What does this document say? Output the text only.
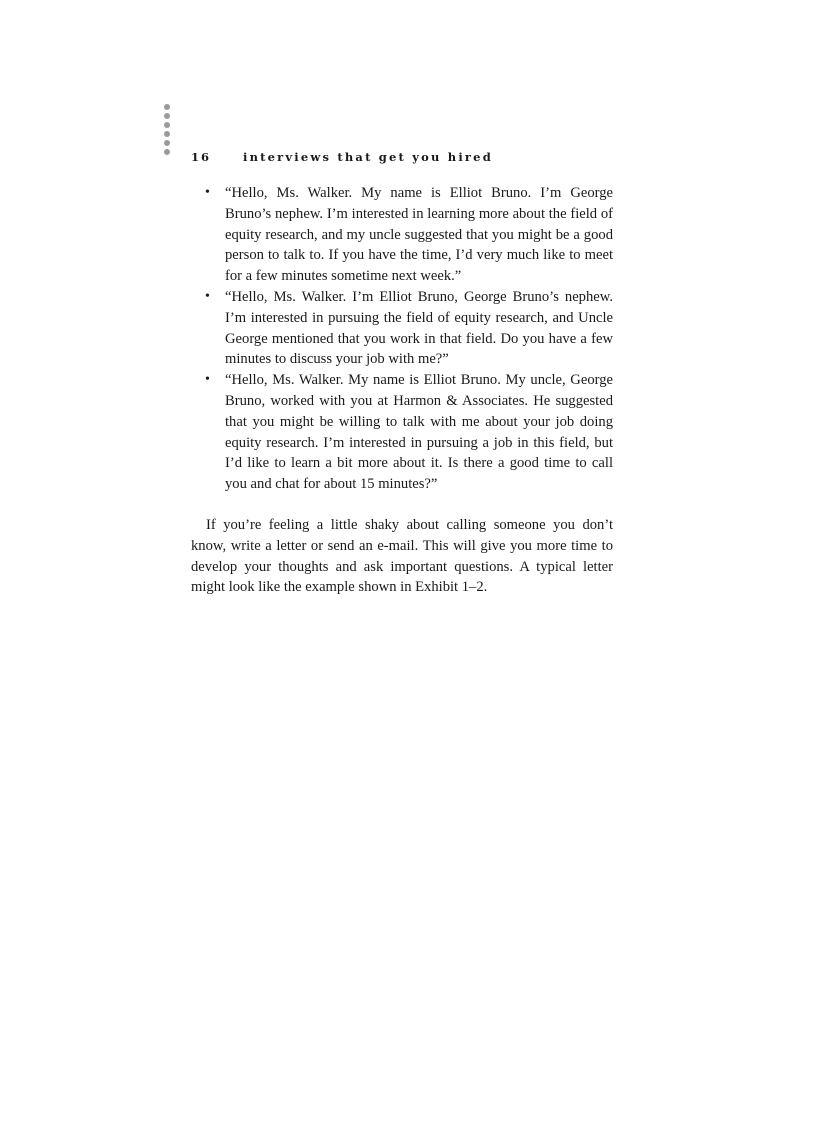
16	interviews that get you hired
• “Hello, Ms. Walker. My name is Elliot Bruno. I’m George Bruno’s nephew. I’m interested in learning more about the field of equity research, and my uncle suggested that you might be a good person to talk to. If you have the time, I’d very much like to meet for a few minutes sometime next week.”
• “Hello, Ms. Walker. I’m Elliot Bruno, George Bruno’s nephew. I’m interested in pursuing the field of equity research, and Uncle George mentioned that you work in that field. Do you have a few minutes to discuss your job with me?”
• “Hello, Ms. Walker. My name is Elliot Bruno. My uncle, George Bruno, worked with you at Harmon & Associates. He suggested that you might be willing to talk with me about your job doing equity research. I’m interested in pursuing a job in this field, but I’d like to learn a bit more about it. Is there a good time to call you and chat for about 15 minutes?”

If you’re feeling a little shaky about calling someone you don’t know, write a letter or send an e-mail. This will give you more time to develop your thoughts and ask important questions. A typical letter might look like the example shown in Exhibit 1–2.
